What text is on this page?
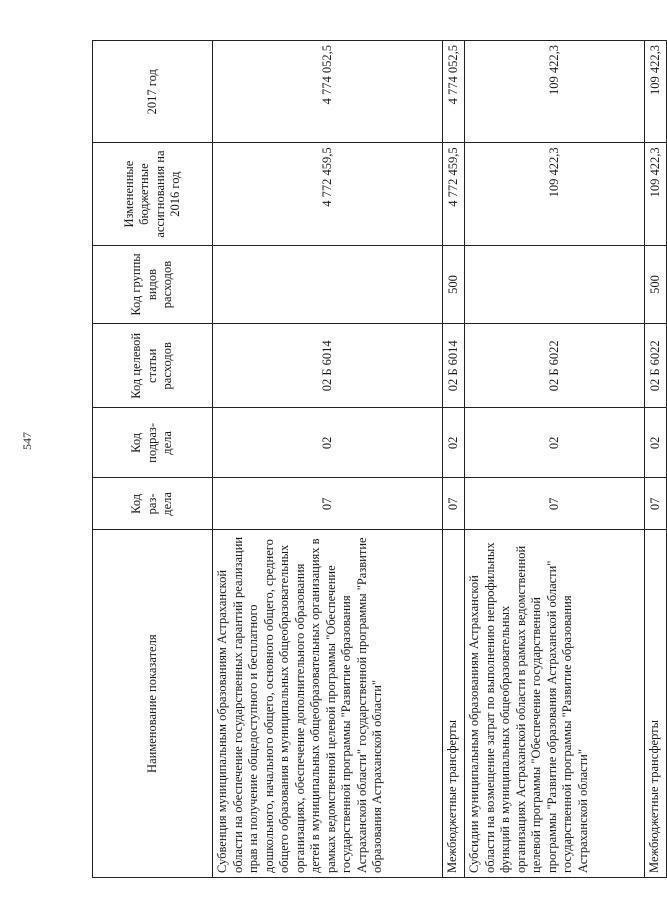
547
Наименование показателя	Код раз-дела	Код подраз-дела	Код целевой статьи расходов	Код группы видов расходов	Измененные бюджетные ассигнования на 2016 год	2017 год
Субвенция муниципальным образованиям Астраханской области на обеспечение государственных гарантий реализации прав на получение общедоступного и бесплатного дошкольного, начального общего, основного общего, среднего общего образования в муниципальных общеобразовательных организациях, обеспечение дополнительного образования детей в муниципальных общеобразовательных организациях в рамках ведомственной целевой программы "Обеспечение государственной программы "Развитие образования Астраханской области" государственной программы "Развитие образования Астраханской области"	07	02	02 Б 6014		4 772 459,5	4 774 052,5
Межбюджетные трансферты	07	02	02 Б 6014	500	4 772 459,5	4 774 052,5
Субсидии муниципальным образованиям Астраханской области на возмещение затрат по выполнению непрофильных функций в муниципальных общеобразовательных организациях Астраханской области в рамках ведомственной целевой программы "Обеспечение государственной программы "Развитие образования Астраханской области" государственной программы "Развитие образования Астраханской области"	07	02	02 Б 6022		109 422,3	109 422,3
Межбюджетные трансферты	07	02	02 Б 6022	500	109 422,3	109 422,3
